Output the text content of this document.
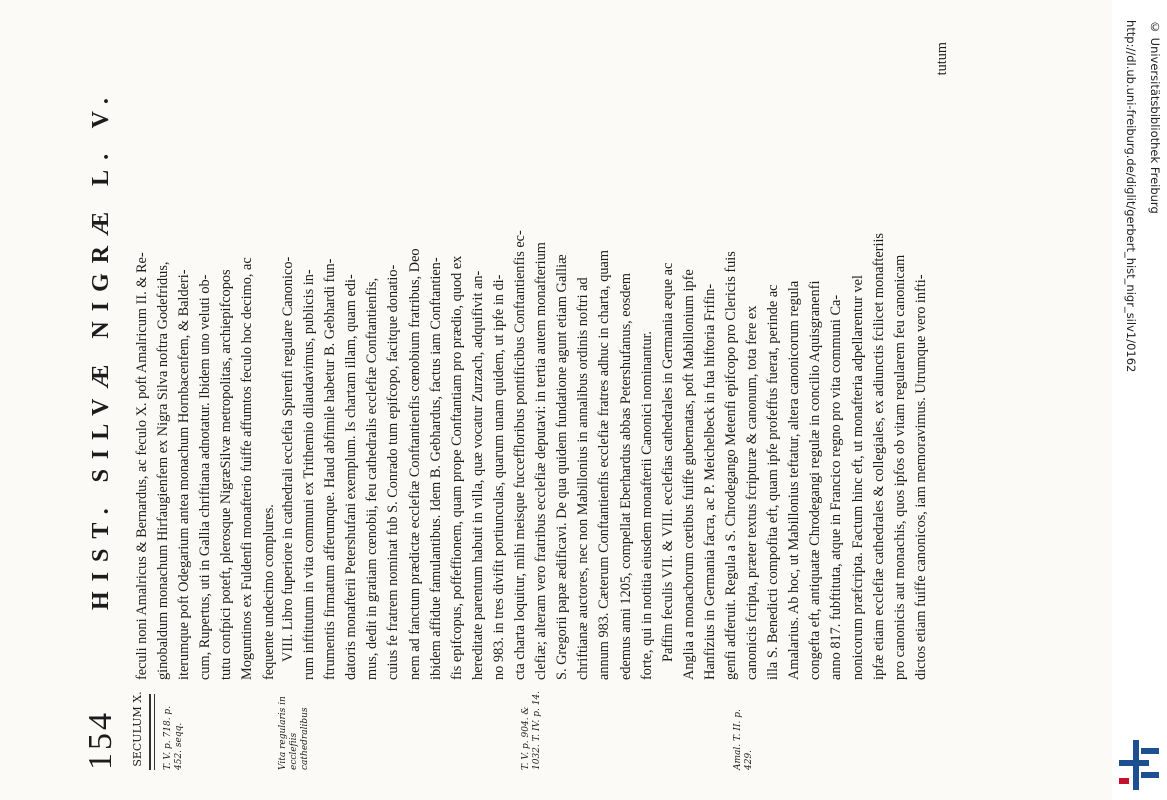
154
HIST. SILVÆ NIGRÆ L. V.
SECULUM X. T. V. p. 718. p. 452. seqq.
feculi noni Amalricus & Bernardus, ac feculo X. poft Amalricum II. & Re- ginobaldum monachum Hirfaugienfem ex Nigra Silva noftra Godefridus, iterumque poft Odegarium antea monachum Hornbacenfem, & Balderi- cum, Rupertus, uti in Gallia chriftiana adnotatur. Ibidem uno veluti ob- tutu confpici poteft, plerosque NigræSilvæ metropolitas, archiepifcopos Moguntinos ex Fuldenfi monafterio fuiffe affumtos feculo hoc decimo, ac fequente undecimo complures.
Vita regularis in ecclefiis cathedralibus	T. V. p. 904. & 1032. T. IV. p. 14.	Amal. T. II. p. 429.
VIII. Libro fuperiore in cathedrali ecclefia Spirenfi regulare Canonico- rum inftitutum in vita communi ex Trithemio dilaudavimus, publicis in- ftrumentis firmatum afferumque. Haud abfimile habetur B. Gebhardi fun- datoris monafterii Petershufani exemplum. Is chartam illam, quam edi- mus, dedit in gratiam cœnobii, feu cathedralis ecclefiæ Conftantienfis, cuius fe fratrem nominat fub S. Conrado tum epifcopo, facitque donatio- nem ad fanctum prædictæ ecclefiæ Conftantienfis cœnobium fratribus, Deo ibidem affidue famulantibus. Idem B. Gebhardus, factus iam Conftantien- fis epifcopus, poffeffionem, quam prope Conftantiam pro prædio, quod ex hereditate parentum habuit in villa, quæ vocatur Zurzach, adquifivit an- no 983. in tres divifit portiunculas, quarum unam quidem, ut ipfe in di- cta charta loquitur, mihi meisque fucceffloribus pontificibus Conftantienfis ec- clefiæ; alteram vero fratribus ecclefiæ deputavi: in tertia autem monafterium S. Gregorii papæ ædificavi. De qua quidem fundatione agunt etiam Galliæ chriftianæ auctores, nec non Mabillonius in annalibus ordinis noftri ad annum 983. Cæterum Conftantienfis ecclefiæ fratres adhuc in charta, quam edemus anni 1205, compellat Eberhardus abbas Petershufanus, eosdem forte, qui in notitia eiusdem monafterii Canonici nominantur. Paffim feculis VII. & VIII. ecclefias cathedrales in Germania æque ac Anglia a monachorum cœtibus fuiffe gubernatas, poft Mabillonium ipfe Hanfizius in Germania facra, ac P. Meichelbeck in fua hiftoria Frifin- genfi adferuit. Regula a S. Chrodegango Metenfi epifcopo pro Clericis fuis canonicis fcripta, præter textus fcripturæ & canonum, tota fere ex illa S. Benedicti compofita eft, quam ipfe profeffus fuerat, perinde ac Amalarius. Ab hoc, ut Mabillonius teftatur, altera canonicorum regula congefta eft, antiquatæ Chrodegangi regulæ in concilio Aquisgranenfi anno 817. fubftituta, atque in Francico regno pro vita communi Ca- nonicorum præfcripta. Factum hinc eft, ut monafteria adpellarentur vel ipfæ etiam ecclefiæ cathedrales & collegiales, ex adiunctis fcilicet monafteriis pro canonicis aut monachis, quos ipfos ob vitam regularem feu canonicam dictos etiam fuiffe canonicos, iam memoravimus. Utrumque vero infti-
tutum	http://dl.ub.uni-freiburg.de/diglit/gerbert_hist_nigr_silv1/0162 © Universitätsbibliothek Freiburg
